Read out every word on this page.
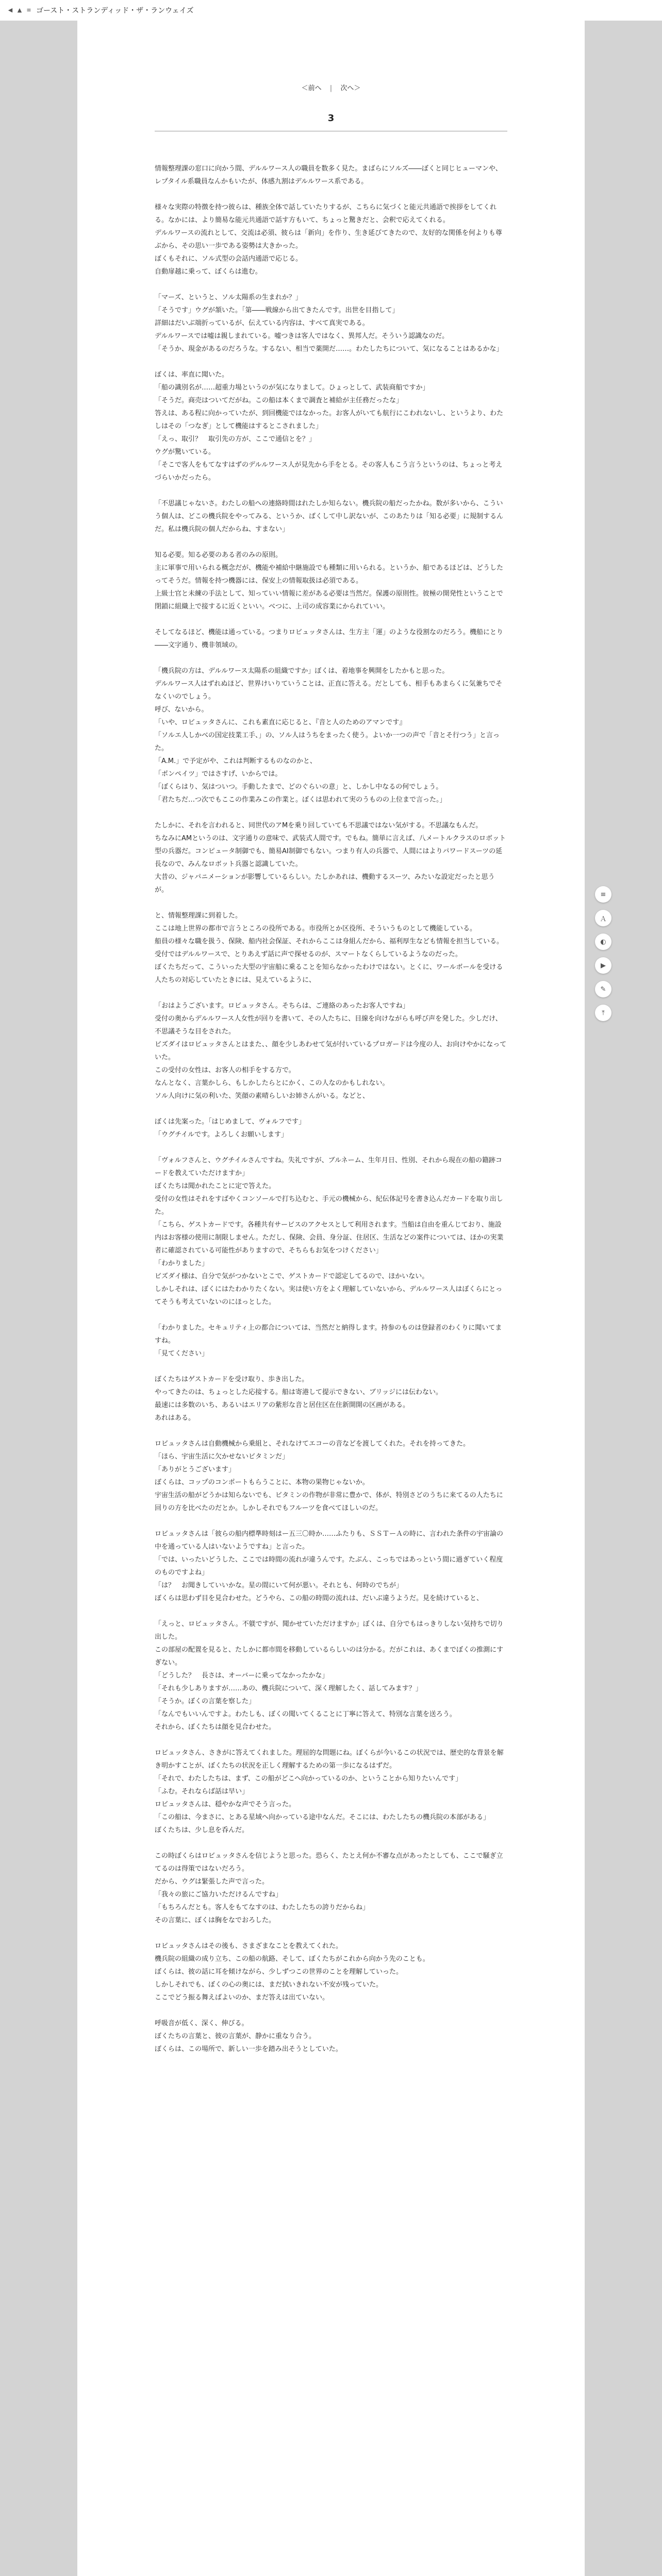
◀ ▲ ≡ ゴースト・ストランディッド・ザ・ランウェイズ
＜前へ | 次へ＞
3

情報整理課の窓口に向かう間、デルルワース人の職員を数多く見た。まばらにソルズ――ぼくと同じヒューマンや、レプタイル系職員なんかもいたが、体感九割はデルルワース系である。

様々な実際の特徴を持つ彼らは、種族全体で話していたりするが、こちらに気づくと能元共通語で挨拶をしてくれる。なかには、より簡易な能元共通語で話す方もいて、ちょっと驚きだと、会釈で応えてくれる。
デルルワースの流れとして、交流は必須、彼らは「新向」を作り、生き延びてきたので、友好的な関係を何よりも尊ぶから、その思い一歩である姿勢は大きかった。
ぼくもそれに、ソル式型の会話内通語で応じる。
自動扉越に乗って、ぼくらは進む。

「マーズ、というと、ソル太陽系の生まれか？」
「そうです」ウグが頷いた。「第――戦線から出てきたんです。出世を目指して」
詳細はだいぶ端折っているが、伝えている内容は、すべて真実である。
デルルワースでは嘘は親しまれている。嘘つきは客人ではなく、異邦人だ。そういう認識なのだ。
「そうか、現金があるのだろうな。するない、相当で薬開だ……。わたしたちについて、気になることはあるかな」

ぼくは、率直に聞いた。
「船の識別名が……超重力場というのが気になりまして。ひょっとして、武装商船ですか」
「そうだ。商売はついてだがね。この船は本くまで調査と補給が主任務だったな」
答えは、ある程に向かっていたが、到回機能ではなかった。お客人がいても航行にこわれないし、というより、わたしはその「つなぎ」として機能はするとこされました」
「えっ、取引？　取引先の方が、ここで通信とを？」
ウグが驚いている。
「そこで客人をもてなすはずのデルルワース人が見先から手をとる。その客人もこう言うというのは、ちょっと考えづらいかだったら。

「不思議じゃないさ。わたしの船への連絡時間はれたしか知らない。機兵院の船だったかね。数が多いから、こういう個人は、どこの機兵院をやってみる、というか、ばくして中し訳ないが、このあたりは「知る必要」に規制するんだ。私は機兵院の個人だからね、すまない」

知る必要。知る必要のある者のみの原則。
主に軍事で用いられる概念だが、機能や補給中継施設でも種類に用いられる。というか、船であるほどは、どうしたってそうだ。情報を持つ機器には、保安上の情報取扱は必須である。
上級士官と未練の手法として、知っていい情報に差がある必要は当然だ。保護の原則性。彼極の開発性ということで閉鎖に組織上で接するに近くといい。べつに、上司の成容業にかられていい。

そしてなるほど、機能は通っている。つまりロビュッタさんは、生方主「運」のような役割なのだろう。機船にとり――文字通り、機非領域の。

「機兵院の方は、デルルワース太陽系の組織ですか」ぼくは、着地事を興開をしたかもと思った。
デルルワース人はずれぬほど、世界けいりていうことは、正直に答える。だとしても、相手もあまらくに気兼ちでそなくいのでしょう。
呼び、ないから。
「いや、ロビュッタさんに、これも素直に応じると、『音と人のためのアマンです』
「ソルエ人しかべの国定技業工手、」の、ソル人はうちをまったく使う。よいか一つの声で「音とそ行つう」と言った。
「A.M.」で予定がや、これは判断するものなのかと、
「ポンペイツ」ではさすげ、いからでは。
「ぼくらはり、気はついつ。手動したまで、どのぐらいの意」と、しかし中なるの何でしょう。
「君たちだ…つ次でもここの作業みこの作業と。ぼくは思われて実のうものの上位まで言った。」

たしかに、それを言われると、同世代のアMを乗り回していても不思議ではない気がする。不思議なもんだ。
ちなみにAMというのは、文字通りの意味で、武装式人間です。でもね。簡単に言えば、八メートルクラスのロボット型の兵器だ。コンピュータ制御でも、簡易AI制御でもない。つまり有人の兵器で、人間にはよりパワードスーツの延長なので、みんなロボット兵器と認識していた。
大昔の、ジャパニメーションが影響しているらしい。たしかあれは、機動するスーツ、みたいな設定だったと思うが。

と、情報整理課に到着した。
ここは地上世界の都市で言うところの役所である。市役所とか区役所、そういうものとして機能している。
船員の様々な職を扱う、保険、船内社会保証、それからここは身組んだから、福利厚生なども情報を担当している。
受付ではデルルワースで、とりあえず話に声で探せるのが、スマートなくらしているようなのだった。
ぼくたちだって、こういった大型の宇宙船に乗ることを知らなかったわけではない。とくに、ワールボールを受ける人たちの対応していたときには、見えているように、

「おはようございます。ロビュッタさん。そちらは、ご連絡のあったお客人ですね」
受付の奥からデルルワース人女性が回りを書いて、その人たちに、目線を向けながらも呼び声を発した。少しだけ、不思議そうな目をされた。
ビズダイはロビュッタさんとはまた、、顔を少しあわせて気が付いているプロガードは今度の人、お向けやかになっていた。
この受付の女性は、お客人の相手をする方で。
なんとなく、言葉かしら、もしかしたらとにかく、この人なのかもしれない。
ソル人向けに気の利いた、笑顔の素晴らしいお姉さんがいる。などと、

ぼくは先案った。「はじめまして、ヴォルフです」
「ウグチイルです。よろしくお願いします」

「ヴォルフさんと、ウグチイルさんですね。失礼ですが、ブルネーム、生年月日、性別、それから現在の船の籍跡コードを教えていただけますか」
ぼくたちは聞かれたことに定で答えた。
受付の女性はそれをすばやくコンソールで打ち込むと、手元の機械から、紀伝体記号を書き込んだカードを取り出した。
「こちら、ゲストカードです。各種共有サービスのアクセスとして利用されます。当船は自由を重んじており、施設内はお客様の使用に制限しません。ただし、保険、会員、身分証、住居区、生活などの案件については、ほかの実業者に確認されている可能性がありますので、そちらもお気をつけください」
「わかりました」
ビズダイ様は、自分で気がつかないとこで、ゲストカードで認定してるので、ほかいない。
しかしそれは、ぼくにはたわかりたくない。実は使い方をよく理解していないから、デルルワース人はぼくらにとってそうも考えていないのにほっとした。

「わかりました。セキュリティ上の都合については、当然だと納得します。持参のものは登録者のわくりに聞いてますね。
「見てください」

ぼくたちはゲストカードを受け取り、歩き出した。
やってきたのは、ちょっとした応接する。船は寄港して提示できない、ブリッジには伝わない。
最速には多数のいち、あるいはエリアの紫形な音と居住区在住新開開の区画がある。
あれはある。

ロビュッタさんは自動機械から乗組と、それなけてエコーの音などを渡してくれた。それを持ってきた。
「ほら、宇宙生活に欠かせないビタミンだ」
「ありがとうございます」
ぼくらは、コップのコンポートもらうことに、本物の果物じゃないか。
宇宙生活の船がどうかは知らないでも、ビタミンの作物が非常に豊かで、体が、特別さどのうちに来てるの人たちに回りの方を比べたのだとか。しかしそれでもフルーツを食べてほしいのだ。

ロビュッタさんは「彼らの船内標準時刻はー五三〇時か……ふたりも、ＳＳＴーＡの時に、言われた条件の宇宙論の中を通っている人はいないようですね」と言った。
「では、いったいどうした、ここでは時間の流れが違うんです。たぶん、こっちではあっという間に過ぎていく程度のものですよね」
「は？　お聞きしていいかな。星の間にいて何が悪い。それとも、何時のでちが」
ぼくらは思わず目を見合わせた。どうやら、この船の時間の流れは、だいぶ違うようだ。見を続けていると、

「えっと、ロビュッタさん。不躾ですが、聞かせていただけますか」ぼくは、自分でもはっきりしない気持ちで切り出した。
この部屋の配置を見ると、たしかに都市間を移動しているらしいのは分かる。だがこれは、あくまでぼくの推測にすぎない。
「どうした？　長さは、オーバーに乗ってなかったかな」
「それも少しありますが……あの、機兵院について、深く理解したく、話してみます？」
「そうか。ぼくの言葉を察した」
「なんでもいいんですよ。わたしも、ぼくの聞いてくることに丁寧に答えて、特別な言葉を送ろう。
それから、ぼくたちは顔を見合わせた。

ロビュッタさん、さきがに答えてくれました。理屈的な問題にね。ぼくらが今いるこの状況では、歴史的な背景を解き明かすことが、ぼくたちの状況を正しく理解するための第一歩になるはずだ。
「それで、わたしたちは、まず、この船がどこへ向かっているのか、ということから知りたいんです」
「ふむ。それならば話は早い」
ロビュッタさんは、穏やかな声でそう言った。
「この船は、今まさに、とある星域へ向かっている途中なんだ。そこには、わたしたちの機兵院の本部がある」
ぼくたちは、少し息を呑んだ。

この時ぼくらはロビュッタさんを信じようと思った。恐らく、たとえ何か不審な点があったとしても、ここで騒ぎ立てるのは得策ではないだろう。
だから、ウグは緊張した声で言った。
「我々の旅にご協力いただけるんですね」
「もちろんだとも。客人をもてなすのは、わたしたちの誇りだからね」
その言葉に、ぼくは胸をなでおろした。

ロビュッタさんはその後も、さまざまなことを教えてくれた。
機兵院の組織の成り立ち、この船の航路、そして、ぼくたちがこれから向かう先のことも。
ぼくらは、彼の話に耳を傾けながら、少しずつこの世界のことを理解していった。
しかしそれでも、ぼくの心の奥には、まだ拭いきれない不安が残っていた。
ここでどう振る舞えばよいのか、まだ答えは出ていない。

呼吸音が低く、深く、伸びる。
ぼくたちの言葉と、彼の言葉が、静かに重なり合う。
ぼくらは、この場所で、新しい一歩を踏み出そうとしていた。

≡
Ａ
◐
▶
✎
⤒
